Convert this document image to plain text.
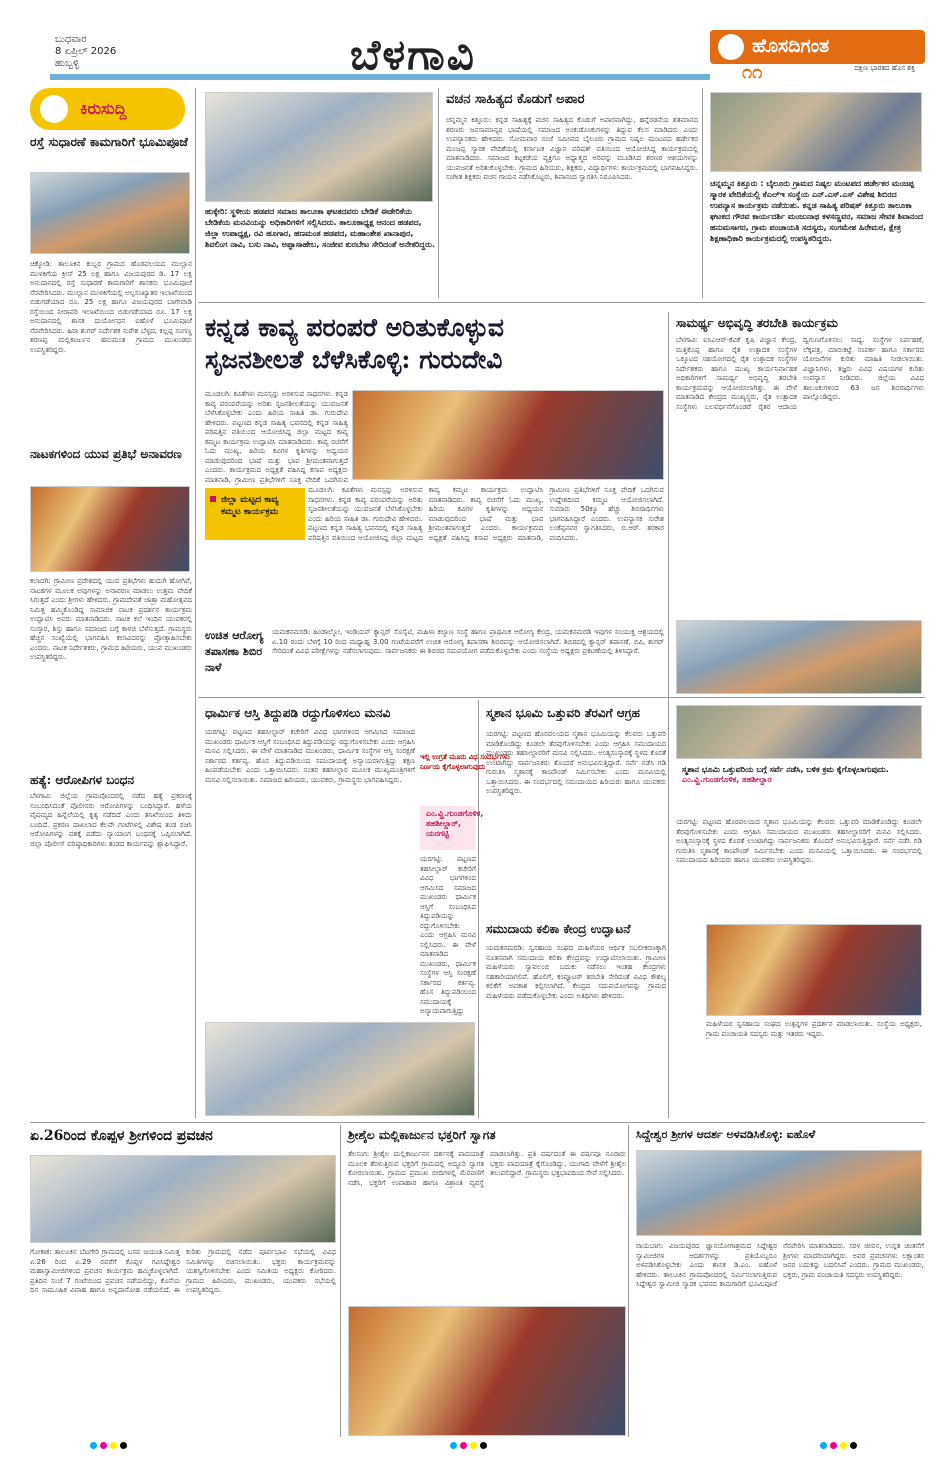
ಬುಧವಾರ
8 ಏಪ್ರಿಲ್ 2026
ಹುಬ್ಬಳ್ಳಿ	ಬೆಳಗಾವಿ	ಹೊಸದಿಗಂತ
ದಕ್ಷಿಣ ಭಾರತದ ಹೊಸ ಶಕ್ತಿ
೧೧
ಕಿರುಸುದ್ದಿ
ರಸ್ತೆ ಸುಧಾರಣೆ ಕಾಮಗಾರಿಗೆ ಭೂಮಿಪೂಜೆ
ಚಿಕ್ಕೋಡಿ: ತಾಲೂಕಿನ ಕುಬ್ಬರ ಗ್ರಾಮದ ಹೊರವಲಯದ ಮುಲ್ಲಾನ ಮುಳಕಿಗೆಯ ಕ್ರೀಸ್ 25 ಲಕ್ಷ ಹಾಗೂ ವಿಜಯಪುರದ ಡಿ. 17 ಲಕ್ಷ ಅನುದಾನದಲ್ಲಿ ರಸ್ತೆ ಸುಧಾರಣೆ ಕಾಮಗಾರಿಗೆ ಶಾಸಕರು ಭೂಮಿಪೂಜೆ ನೆರವೇರಿಸಿದರು. ಮುಲ್ಲಾನ ಮುಳಕಿಗೆಯಲ್ಲಿ ಅಲ್ಪಸಂಖ್ಯಾತರ ಇಲಾಖೆಯಿಂದ ಬಿಡುಗಡೆಯಾದ ರೂ. 25 ಲಕ್ಷ ಹಾಗೂ ವಿಜಯಪುರದ ಬಾಗೇವಾಡಿ ರಸ್ತೆಯಿಂದ ನೀರಾವರಿ ಇಲಾಖೆಯಿಂದ ಬಿಡುಗಡೆಯಾದ ರೂ. 17 ಲಕ್ಷ ಅನುದಾನದಲ್ಲಿ ಶಾಸಕ ದುರ್ಯೋಧನ ಐಹೊಳೆ ಭೂಮಿಪೂಜೆ ನೆರವೇರಿಸಿದರು. ಹಿರಾ ಶುಗರ್ ನಿರ್ದೇಶಕ ಸುರೇಶ ಬೆಳ್ಳದ, ಕಲ್ಲಪ್ಪ ಸಂಗಣ್ಣ ಶರಣಪ್ಪ ಮಲ್ಲಿಕಾರ್ಜುನ ಹನುಮಂತ ಗ್ರಾಮದ ಮುಖಂಡರು ಉಪಸ್ಥಿತರಿದ್ದರು.
ನಾಟಕಗಳಿಂದ ಯುವ ಪ್ರತಿಭೆ ಅನಾವರಣ
ಕಲಾದಗಿ: ಗ್ರಾಮೀಣ ಪ್ರದೇಶದಲ್ಲಿ ಯುವ ಪ್ರತಿಭೆಗಳು ಹುದುಗಿ ಹೋಗಿವೆ, ನಾಟಕಗಳ ಮೂಲಕ ಅವುಗಳನ್ನು ಅನಾವರಣ ಮಾಡಲು ಉತ್ತಮ ವೇದಿಕೆ ಸಿಗುತ್ತದೆ ಎಂದು ಶ್ರೀಗಳು ಹೇಳಿದರು. ಗ್ರಾಮದೇವತೆ ಜಾತ್ರಾ ಮಹೋತ್ಸವದ ನಿಮಿತ್ತ ಹಮ್ಮಿಕೊಂಡಿದ್ದ ಸಾಮಾಜಿಕ ನಾಟಕ ಪ್ರದರ್ಶನ ಕಾರ್ಯಕ್ರಮ ಉದ್ಘಾಟಿಸಿ ಅವರು ಮಾತನಾಡಿದರು. ನಾಟಕ ಕಲೆ ಇಂದಿನ ಯುವಕರಲ್ಲಿ ಸಂಸ್ಕಾರ, ಶಿಸ್ತು ಹಾಗೂ ಸಮಾಜದ ಬಗ್ಗೆ ಕಾಳಜಿ ಬೆಳೆಸುತ್ತದೆ. ಗ್ರಾಮಸ್ಥರು ಹೆಚ್ಚಿನ ಸಂಖ್ಯೆಯಲ್ಲಿ ಭಾಗವಹಿಸಿ ಕಲಾವಿದರನ್ನು ಪ್ರೋತ್ಸಾಹಿಸಬೇಕು ಎಂದರು. ನಾಟಕ ನಿರ್ದೇಶಕರು, ಗ್ರಾಮದ ಹಿರಿಯರು, ಯುವ ಮುಖಂಡರು ಉಪಸ್ಥಿತರಿದ್ದರು.
ಹತ್ಯೆ: ಆರೋಪಿಗಳ ಬಂಧನ
ಬೆಳಗಾವಿ: ಜಿಲ್ಲೆಯ ಗ್ರಾಮವೊಂದರಲ್ಲಿ ನಡೆದ ಹತ್ಯೆ ಪ್ರಕರಣಕ್ಕೆ ಸಂಬಂಧಿಸಿದಂತೆ ಪೊಲೀಸರು ಆರೋಪಿಗಳನ್ನು ಬಂಧಿಸಿದ್ದಾರೆ. ಹಳೆಯ ವೈಷಮ್ಯದ ಹಿನ್ನೆಲೆಯಲ್ಲಿ ಕೃತ್ಯ ನಡೆದಿದೆ ಎಂದು ತನಿಖೆಯಿಂದ ತಿಳಿದು ಬಂದಿದೆ. ಪ್ರಕರಣ ದಾಖಲಾದ ಕೆಲವೇ ಗಂಟೆಗಳಲ್ಲಿ ವಿಶೇಷ ತಂಡ ರಚಿಸಿ ಆರೋಪಿಗಳನ್ನು ವಶಕ್ಕೆ ಪಡೆದು ನ್ಯಾಯಾಂಗ ಬಂಧನಕ್ಕೆ ಒಪ್ಪಿಸಲಾಗಿದೆ. ಜಿಲ್ಲಾ ಪೊಲೀಸ್ ವರಿಷ್ಠಾಧಿಕಾರಿಗಳು ತಂಡದ ಕಾರ್ಯವನ್ನು ಶ್ಲಾಘಿಸಿದ್ದಾರೆ.
ಹುಕ್ಕೇರಿ: ಸ್ಥಳೀಯ ಹಡಪದ ಸಮಾಜ ತಾಲೂಕಾ ಘಟಕದವರು ಬೇಡಿಕೆ ಈಡೇರಿಕೆಯ ಬೇಡಿಕೆಯ ಮನವಿಯನ್ನು ಅಧಿಕಾರಿಗಳಿಗೆ ಸಲ್ಲಿಸಿದರು. ತಾಲೂಕಾಧ್ಯಕ್ಷ ಆನಂದ ಹಡಪದ, ಜಿಲ್ಲಾ ಉಪಾಧ್ಯಕ್ಷ, ರವಿ ಹೂಗಾರ, ಹಣಮಂತ ಹಡಪದ, ಮಹಾಂತೇಶ ಖಾನಾಪುರ, ಶಿವಲಿಂಗ ನಾವಿ, ಬಸು ನಾವಿ, ಅಪ್ಪಾಸಾಹೇಬ, ಸಂಜೀವ ಕುರಬೇಟ ಸೇರಿದಂತೆ ಅನೇಕರಿದ್ದರು.
ವಚನ ಸಾಹಿತ್ಯದ ಕೊಡುಗೆ ಅಪಾರ
ಚನ್ನಮ್ಮನ ಕಿತ್ತೂರು: ಕನ್ನಡ ಸಾಹಿತ್ಯಕ್ಕೆ ವಚನ ಸಾಹಿತ್ಯದ ಕೊಡುಗೆ ಅಪಾರವಾಗಿದ್ದು, ಹನ್ನೆರಡನೆಯ ಶತಮಾನದ ಶರಣರು ಜನಸಾಮಾನ್ಯರ ಭಾಷೆಯಲ್ಲಿ ಸಮಾಜದ ಅಂಕುಡೊಂಕುಗಳನ್ನು ತಿದ್ದುವ ಕೆಲಸ ಮಾಡಿದರು ಎಂದು ಉಪನ್ಯಾಸಕರು ಹೇಳಿದರು. ಸೋಮವಾರ ಸಂಜೆ ಸಮೀಪದ ಬೈಲೂರು ಗ್ರಾಮದ ನಿಷ್ಕಲ ಮಂಟಪದ ಹರ್ಡೇಕರ ಮಂಜಪ್ಪ ಸ್ಮಾರಕ ವೇದಿಕೆಯಲ್ಲಿ ಕರ್ನಾಟಕ ವಿಜ್ಞಾನ ಪರಿಷತ್ ವತಿಯಿಂದ ಆಯೋಜಿಸಿದ್ದ ಕಾರ್ಯಕ್ರಮದಲ್ಲಿ ಮಾತನಾಡಿದರು. ಸಮಾಜದ ಕಟ್ಟಕಡೆಯ ವ್ಯಕ್ತಿಗೂ ಅಧ್ಯಾತ್ಮದ ಅರಿವನ್ನು ಮೂಡಿಸಿದ ಶರಣರ ಆಶಯಗಳನ್ನು ಯುವಜನತೆ ಅರಿತುಕೊಳ್ಳಬೇಕು. ಗ್ರಾಮದ ಹಿರಿಯರು, ಶಿಕ್ಷಕರು, ವಿದ್ಯಾರ್ಥಿಗಳು ಕಾರ್ಯಕ್ರಮದಲ್ಲಿ ಭಾಗವಹಿಸಿದ್ದರು. ಸಂಗೀತ ಶಿಕ್ಷಕರು ವಚನ ಗಾಯನ ನಡೆಸಿಕೊಟ್ಟರು, ಶಿವಾನಂದ ಸ್ವಾಗತಿಸಿ ನಿರೂಪಿಸಿದರು.
ಚನ್ನಮ್ಮನ ಕಿತ್ತೂರು : ಬೈಲೂರು ಗ್ರಾಮದ ನಿಷ್ಕಲ ಮಂಟಪದ ಹರ್ಡೇಕರ ಮಂಜಪ್ಪ ಸ್ಮಾರಕ ವೇದಿಕೆಯಲ್ಲಿ ಕೆಎಲ್‌ಇ ಸಂಸ್ಥೆಯ ಎನ್.ಎಸ್.ಎಸ್ ವಿಶೇಷ ಶಿಬಿರದ ಉಪನ್ಯಾಸ ಕಾರ್ಯಕ್ರಮ ನಡೆಯಿತು. ಕನ್ನಡ ಸಾಹಿತ್ಯ ಪರಿಷತ್ ಕಿತ್ತೂರು ತಾಲೂಕಾ ಘಟಕದ ಗೌರವ ಕಾರ್ಯದರ್ಶಿ ಮಂಜುನಾಥ ಕಳಸಣ್ಣವರ, ಸಮಾಜ ಸೇವಕ ಶಿವಾನಂದ ಹನುಮಸಾಗರ, ಗ್ರಾಮ ಪಂಚಾಯತಿ ಸದಸ್ಯರು, ಸಂಗಮೇಶ ಹಿರೇಮಠ, ಕ್ಷೇತ್ರ ಶಿಕ್ಷಣಾಧಿಕಾರಿ ಕಾರ್ಯಕ್ರಮದಲ್ಲಿ ಉಪಸ್ಥಿತರಿದ್ದರು.
ಕನ್ನಡ ಕಾವ್ಯ ಪರಂಪರೆ ಅರಿತುಕೊಳ್ಳುವ
ಸೃಜನಶೀಲತೆ ಬೆಳೆಸಿಕೊಳ್ಳಿ: ಗುರುದೇವಿ
ಮೂಡಲಗಿ: ಕವಿತೆಗಳು ಮನಸ್ಸನ್ನು ಅರಳಿಸುವ ಸಾಧನಗಳು. ಕನ್ನಡ ಕಾವ್ಯ ಪರಂಪರೆಯನ್ನು ಅರಿತು ಸೃಜನಶೀಲತೆಯನ್ನು ಯುವಜನತೆ ಬೆಳೆಸಿಕೊಳ್ಳಬೇಕು ಎಂದು ಹಿರಿಯ ಸಾಹಿತಿ ಡಾ. ಗುರುದೇವಿ ಹೇಳಿದರು. ಪಟ್ಟಣದ ಕನ್ನಡ ಸಾಹಿತ್ಯ ಭವನದಲ್ಲಿ ಕನ್ನಡ ಸಾಹಿತ್ಯ ಪರಿಷತ್ತಿನ ವತಿಯಿಂದ ಆಯೋಜಿಸಿದ್ದ ಜಿಲ್ಲಾ ಮಟ್ಟದ ಕಾವ್ಯ ಕಮ್ಮಟ ಕಾರ್ಯಕ್ರಮ ಉದ್ಘಾಟಿಸಿ ಮಾತನಾಡಿದರು. ಕಾವ್ಯ ರಚನೆಗೆ ಓದು ಮುಖ್ಯ, ಹಿರಿಯ ಕವಿಗಳ ಕೃತಿಗಳನ್ನು ಅಧ್ಯಯನ ಮಾಡುವುದರಿಂದ ಭಾಷೆ ಮತ್ತು ಭಾವ ಶ್ರೀಮಂತವಾಗುತ್ತದೆ ಎಂದರು. ಕಾರ್ಯಕ್ರಮದ ಅಧ್ಯಕ್ಷತೆ ವಹಿಸಿದ್ದ ಕಸಾಪ ಅಧ್ಯಕ್ಷರು ಮಾತನಾಡಿ, ಗ್ರಾಮೀಣ ಪ್ರತಿಭೆಗಳಿಗೆ ಸೂಕ್ತ ವೇದಿಕೆ ಒದಗಿಸುವ
ಜಿಲ್ಲಾ ಮಟ್ಟದ ಕಾವ್ಯ ಕಮ್ಮಟ ಕಾರ್ಯಕ್ರಮ
ಮೂಡಲಗಿ: ಕವಿತೆಗಳು ಮನಸ್ಸನ್ನು ಅರಳಿಸುವ ಸಾಧನಗಳು. ಕನ್ನಡ ಕಾವ್ಯ ಪರಂಪರೆಯನ್ನು ಅರಿತು ಸೃಜನಶೀಲತೆಯನ್ನು ಯುವಜನತೆ ಬೆಳೆಸಿಕೊಳ್ಳಬೇಕು ಎಂದು ಹಿರಿಯ ಸಾಹಿತಿ ಡಾ. ಗುರುದೇವಿ ಹೇಳಿದರು. ಪಟ್ಟಣದ ಕನ್ನಡ ಸಾಹಿತ್ಯ ಭವನದಲ್ಲಿ ಕನ್ನಡ ಸಾಹಿತ್ಯ ಪರಿಷತ್ತಿನ ವತಿಯಿಂದ ಆಯೋಜಿಸಿದ್ದ ಜಿಲ್ಲಾ ಮಟ್ಟದ ಕಾವ್ಯ ಕಮ್ಮಟ ಕಾರ್ಯಕ್ರಮ ಉದ್ಘಾಟಿಸಿ ಮಾತನಾಡಿದರು. ಕಾವ್ಯ ರಚನೆಗೆ ಓದು ಮುಖ್ಯ, ಹಿರಿಯ ಕವಿಗಳ ಕೃತಿಗಳನ್ನು ಅಧ್ಯಯನ ಮಾಡುವುದರಿಂದ ಭಾಷೆ ಮತ್ತು ಭಾವ ಶ್ರೀಮಂತವಾಗುತ್ತದೆ ಎಂದರು. ಕಾರ್ಯಕ್ರಮದ ಅಧ್ಯಕ್ಷತೆ ವಹಿಸಿದ್ದ ಕಸಾಪ ಅಧ್ಯಕ್ಷರು ಮಾತನಾಡಿ, ಗ್ರಾಮೀಣ ಪ್ರತಿಭೆಗಳಿಗೆ ಸೂಕ್ತ ವೇದಿಕೆ ಒದಗಿಸುವ ಉದ್ದೇಶದಿಂದ ಕಮ್ಮಟ ಆಯೋಜಿಸಲಾಗಿದೆ. ಸುಮಾರು 50ಕ್ಕೂ ಹೆಚ್ಚು ಶಿಬಿರಾರ್ಥಿಗಳು ಭಾಗವಹಿಸಿದ್ದಾರೆ ಎಂದರು. ಉಪನ್ಯಾಸಕ ಸುರೇಶ ಲಂಕೆಪ್ಪನವರ ಸ್ವಾಗತಿಸಿದರು, ಬಿ.ಆರ್. ತರಕಾರ ವಂದಿಸಿದರು.
ಉಚಿತ ಆರೋಗ್ಯ ತಪಾಸಣಾ ಶಿಬಿರ ನಾಳೆ
ಯಮಕನಮರಡಿ: ಹಿಂಡಾಲ್ಕೋ, ಇಂಡಿಯನ್ ಕ್ಯಾನ್ಸರ್ ಸೊಸೈಟಿ, ಮಹಿಳಾ ಕಲ್ಯಾಣ ಸಂಸ್ಥೆ ಹಾಗೂ ಪ್ರಾಥಮಿಕ ಆರೋಗ್ಯ ಕೇಂದ್ರ, ಯಮಕನಮರಡಿ ಇವುಗಳ ಸಂಯುಕ್ತ ಆಶ್ರಯದಲ್ಲಿ ಏ.10 ರಂದು ಬೆಳಗ್ಗೆ 10 ರಿಂದ ಮಧ್ಯಾಹ್ನ 3.00 ಗಂಟೆಯವರೆಗೆ ಉಚಿತ ಆರೋಗ್ಯ ತಪಾಸಣಾ ಶಿಬಿರವನ್ನು ಆಯೋಜಿಸಲಾಗಿದೆ. ಶಿಬಿರದಲ್ಲಿ ಕ್ಯಾನ್ಸರ್ ತಪಾಸಣೆ, ಬಿಪಿ, ಶುಗರ್ ಸೇರಿದಂತೆ ವಿವಿಧ ಪರೀಕ್ಷೆಗಳನ್ನು ನಡೆಸಲಾಗುವುದು. ಸಾರ್ವಜನಿಕರು ಈ ಶಿಬಿರದ ಸದುಪಯೋಗ ಪಡೆದುಕೊಳ್ಳಬೇಕು ಎಂದು ಸಂಸ್ಥೆಯ ಅಧ್ಯಕ್ಷರು ಪ್ರಕಟಣೆಯಲ್ಲಿ ತಿಳಿಸಿದ್ದಾರೆ.
ಸಾಮರ್ಥ್ಯ ಅಭಿವೃದ್ಧಿ ತರಬೇತಿ ಕಾರ್ಯಕ್ರಮ
ಬೆಳಗಾವಿ: ಐಸಿಎಆರ್-ಕೆವಿಕೆ ಕೃಷಿ ವಿಜ್ಞಾನ ಕೇಂದ್ರ, ಮತ್ತಿಕೊಪ್ಪ ಹಾಗೂ ರೈತ ಉತ್ಪಾದಕ ಸಂಸ್ಥೆಗಳ ಒಕ್ಕೂಟದ ಸಹಯೋಗದಲ್ಲಿ ರೈತ ಉತ್ಪಾದಕ ಸಂಸ್ಥೆಗಳ ನಿರ್ದೇಶಕರು ಹಾಗೂ ಮುಖ್ಯ ಕಾರ್ಯನಿರ್ವಾಹಕ ಅಧಿಕಾರಿಗಳಿಗೆ ಸಾಮರ್ಥ್ಯ ಅಭಿವೃದ್ಧಿ ತರಬೇತಿ ಕಾರ್ಯಕ್ರಮವನ್ನು ಆಯೋಜಿಸಲಾಗಿತ್ತು. ಈ ವೇಳೆ ಮಾತನಾಡಿದ ಕೇಂದ್ರದ ಮುಖ್ಯಸ್ಥರು, ರೈತ ಉತ್ಪಾದಕ ಸಂಸ್ಥೆಗಳು ಬಲವರ್ಧನೆಗೊಂಡರೆ ರೈತರ ಆದಾಯ ದ್ವಿಗುಣಗೊಳಿಸಲು ಸಾಧ್ಯ. ಸಂಸ್ಥೆಗಳ ನಿರ್ವಹಣೆ, ಲೆಕ್ಕಪತ್ರ, ಮಾರುಕಟ್ಟೆ ಸಂಪರ್ಕ ಹಾಗೂ ಸರ್ಕಾರದ ಯೋಜನೆಗಳ ಕುರಿತು ಮಾಹಿತಿ ನೀಡಲಾಯಿತು. ವಿಜ್ಞಾನಿಗಳು, ತಜ್ಞರು ವಿವಿಧ ವಿಷಯಗಳ ಕುರಿತು ಉಪನ್ಯಾಸ ನೀಡಿದರು. ಜಿಲ್ಲೆಯ ವಿವಿಧ ತಾಲೂಕುಗಳಿಂದ 63 ಜನ ಶಿಬಿರಾರ್ಥಿಗಳು ಪಾಲ್ಗೊಂಡಿದ್ದರು.
ಧಾರ್ಮಿಕ ಆಸ್ತಿ ತಿದ್ದುಪಡಿ ರದ್ದುಗೊಳಿಸಲು ಮನವಿ
ಯರಗಟ್ಟಿ: ಪಟ್ಟಣದ ತಹಸೀಲ್ದಾರ್ ಕಚೇರಿಗೆ ವಿವಿಧ ಭಾಗಗಳಿಂದ ಆಗಮಿಸಿದ ಸಮಾಜದ ಮುಖಂಡರು ಧಾರ್ಮಿಕ ಆಸ್ತಿಗೆ ಸಂಬಂಧಿಸಿದ ತಿದ್ದುಪಡಿಯನ್ನು ರದ್ದುಗೊಳಿಸಬೇಕು ಎಂದು ಆಗ್ರಹಿಸಿ ಮನವಿ ಸಲ್ಲಿಸಿದರು. ಈ ವೇಳೆ ಮಾತನಾಡಿದ ಮುಖಂಡರು, ಧಾರ್ಮಿಕ ಸಂಸ್ಥೆಗಳ ಆಸ್ತಿ ಸಂರಕ್ಷಣೆ ಸರ್ಕಾರದ ಕರ್ತವ್ಯ. ಹೊಸ ತಿದ್ದುಪಡಿಯಿಂದ ಸಮುದಾಯಕ್ಕೆ ಅನ್ಯಾಯವಾಗುತ್ತಿದ್ದು ತಕ್ಷಣ ಹಿಂಪಡೆಯಬೇಕು ಎಂದು ಒತ್ತಾಯಿಸಿದರು. ನಂತರ ತಹಸೀಲ್ದಾರ ಮೂಲಕ ಮುಖ್ಯಮಂತ್ರಿಗಳಿಗೆ ಮನವಿ ಸಲ್ಲಿಸಲಾಯಿತು. ಸಮಾಜದ ಹಿರಿಯರು, ಯುವಕರು, ಗ್ರಾಮಸ್ಥರು ಭಾಗವಹಿಸಿದ್ದರು.
ಇಲ್ಲಿ ಉಗ್ರತೆ ಮೂರು ವಿಧ ಸಂದರ್ಭಗಳು
ನಿರ್ಣಯ ಕೈಗೊಳ್ಳಲಾಗುವುದು
ಎಂ.ವ್ಹಿ.ಗುಂಡಗೊಳಿಕ, ತಹಶೀಲ್ದಾರ್, ಯರಗಟ್ಟಿ
ಯರಗಟ್ಟಿ: ಪಟ್ಟಣದ ತಹಸೀಲ್ದಾರ್ ಕಚೇರಿಗೆ ವಿವಿಧ ಭಾಗಗಳಿಂದ ಆಗಮಿಸಿದ ಸಮಾಜದ ಮುಖಂಡರು ಧಾರ್ಮಿಕ ಆಸ್ತಿಗೆ ಸಂಬಂಧಿಸಿದ ತಿದ್ದುಪಡಿಯನ್ನು ರದ್ದುಗೊಳಿಸಬೇಕು ಎಂದು ಆಗ್ರಹಿಸಿ ಮನವಿ ಸಲ್ಲಿಸಿದರು. ಈ ವೇಳೆ ಮಾತನಾಡಿದ ಮುಖಂಡರು, ಧಾರ್ಮಿಕ ಸಂಸ್ಥೆಗಳ ಆಸ್ತಿ ಸಂರಕ್ಷಣೆ ಸರ್ಕಾರದ ಕರ್ತವ್ಯ. ಹೊಸ ತಿದ್ದುಪಡಿಯಿಂದ ಸಮುದಾಯಕ್ಕೆ ಅನ್ಯಾಯವಾಗುತ್ತಿದ್ದು
ಸ್ಮಶಾನ ಭೂಮಿ ಒತ್ತುವರಿ ತೆರವಿಗೆ ಆಗ್ರಹ
ಯರಗಟ್ಟಿ: ಪಟ್ಟಣದ ಹೊರವಲಯದ ಸ್ಮಶಾನ ಭೂಮಿಯನ್ನು ಕೆಲವರು ಒತ್ತುವರಿ ಮಾಡಿಕೊಂಡಿದ್ದು ಕೂಡಲೇ ತೆರವುಗೊಳಿಸಬೇಕು ಎಂದು ಆಗ್ರಹಿಸಿ ಸಮುದಾಯದ ಮುಖಂಡರು ತಹಸೀಲ್ದಾರರಿಗೆ ಮನವಿ ಸಲ್ಲಿಸಿದರು. ಅಂತ್ಯಸಂಸ್ಕಾರಕ್ಕೆ ಸ್ಥಳದ ಕೊರತೆ ಉಂಟಾಗಿದ್ದು ಸಾರ್ವಜನಿಕರು ತೊಂದರೆ ಅನುಭವಿಸುತ್ತಿದ್ದಾರೆ. ಸರ್ವೆ ನಡೆಸಿ ಗಡಿ ಗುರುತಿಸಿ ಸ್ಮಶಾನಕ್ಕೆ ಕಾಂಪೌಂಡ್ ನಿರ್ಮಿಸಬೇಕು ಎಂದು ಮನವಿಯಲ್ಲಿ ಒತ್ತಾಯಿಸಿದರು. ಈ ಸಂದರ್ಭದಲ್ಲಿ ಸಮುದಾಯದ ಹಿರಿಯರು ಹಾಗೂ ಯುವಕರು ಉಪಸ್ಥಿತರಿದ್ದರು.
ಸ್ಮಶಾನ ಭೂಮಿ ಒತ್ತುವರಿಯ ಬಗ್ಗೆ ಸರ್ವೆ ನಡೆಸಿ, ಬಳಿಕ ಕ್ರಮ ಕೈಗೊಳ್ಳಲಾಗುವುದು.
ಎಂ.ವ್ಹಿ.ಗುಂಡಗೊಳಿಕ, ತಹಶೀಲ್ದಾರ
ಯರಗಟ್ಟಿ: ಪಟ್ಟಣದ ಹೊರವಲಯದ ಸ್ಮಶಾನ ಭೂಮಿಯನ್ನು ಕೆಲವರು ಒತ್ತುವರಿ ಮಾಡಿಕೊಂಡಿದ್ದು ಕೂಡಲೇ ತೆರವುಗೊಳಿಸಬೇಕು ಎಂದು ಆಗ್ರಹಿಸಿ ಸಮುದಾಯದ ಮುಖಂಡರು ತಹಸೀಲ್ದಾರರಿಗೆ ಮನವಿ ಸಲ್ಲಿಸಿದರು. ಅಂತ್ಯಸಂಸ್ಕಾರಕ್ಕೆ ಸ್ಥಳದ ಕೊರತೆ ಉಂಟಾಗಿದ್ದು ಸಾರ್ವಜನಿಕರು ತೊಂದರೆ ಅನುಭವಿಸುತ್ತಿದ್ದಾರೆ. ಸರ್ವೆ ನಡೆಸಿ ಗಡಿ ಗುರುತಿಸಿ ಸ್ಮಶಾನಕ್ಕೆ ಕಾಂಪೌಂಡ್ ನಿರ್ಮಿಸಬೇಕು ಎಂದು ಮನವಿಯಲ್ಲಿ ಒತ್ತಾಯಿಸಿದರು. ಈ ಸಂದರ್ಭದಲ್ಲಿ ಸಮುದಾಯದ ಹಿರಿಯರು ಹಾಗೂ ಯುವಕರು ಉಪಸ್ಥಿತರಿದ್ದರು.
ಸಮುದಾಯ ಕಲಿಕಾ ಕೇಂದ್ರ ಉದ್ಘಾಟನೆ
ಯಮಕನಮರಡಿ: ಸ್ವಸಹಾಯ ಸಂಘದ ಮಹಿಳೆಯರ ಆರ್ಥಿಕ ಸಬಲೀಕರಣಕ್ಕಾಗಿ ನೂತನವಾಗಿ ಸಮುದಾಯ ಕಲಿಕಾ ಕೇಂದ್ರವನ್ನು ಉದ್ಘಾಟಿಸಲಾಯಿತು. ಗ್ರಾಮೀಣ ಮಹಿಳೆಯರು ಸ್ವಾವಲಂಬಿ ಬದುಕು ನಡೆಸಲು ಇಂತಹ ಕೇಂದ್ರಗಳು ಸಹಕಾರಿಯಾಗಲಿವೆ. ಹೊಲಿಗೆ, ಕಂಪ್ಯೂಟರ್ ತರಬೇತಿ ಸೇರಿದಂತೆ ವಿವಿಧ ಕೌಶಲ್ಯ ಕಲಿಕೆಗೆ ಅವಕಾಶ ಕಲ್ಪಿಸಲಾಗಿದೆ. ಕೇಂದ್ರದ ಸದುಪಯೋಗವನ್ನು ಗ್ರಾಮದ ಮಹಿಳೆಯರು ಪಡೆದುಕೊಳ್ಳಬೇಕು ಎಂದು ಅತಿಥಿಗಳು ಹೇಳಿದರು.
ಮಹಿಳೆಯರ ಸ್ವಸಹಾಯ ಸಂಘದ ಉತ್ಪನ್ನಗಳ ಪ್ರದರ್ಶನ ಮಾಡಲಾಯಿತು. ಸಂಸ್ಥೆಯ ಅಧ್ಯಕ್ಷರು, ಗ್ರಾಮ ಪಂಚಾಯತಿ ಸದಸ್ಯರು ಮತ್ತು ಇತರರು ಇದ್ದರು.
ಏ.26ರಿಂದ ಕೊಪ್ಪಳ ಶ್ರೀಗಳಿಂದ ಪ್ರವಚನ
ಗೋಕಾಕ: ತಾಲೂಕಿನ ಬೆಟಗೇರಿ ಗ್ರಾಮದಲ್ಲಿ ಬಸವ ಜಯಂತಿ ನಿಮಿತ್ತ ಏ.26 ರಿಂದ ಏ.29 ರವರೆಗೆ ಕೊಪ್ಪಳ ಗವಿಸಿದ್ದೇಶ್ವರ ಮಹಾಸ್ವಾಮೀಜಿಗಳಿಂದ ಪ್ರವಚನ ಕಾರ್ಯಕ್ರಮ ಹಮ್ಮಿಕೊಳ್ಳಲಾಗಿದೆ. ಪ್ರತಿದಿನ ಸಂಜೆ 7 ಗಂಟೆಯಿಂದ ಪ್ರವಚನ ನಡೆಯಲಿದ್ದು, ಕೊನೆಯ ದಿನ ಸಾಮೂಹಿಕ ವಿವಾಹ ಹಾಗೂ ಅನ್ನದಾಸೋಹ ನಡೆಯಲಿದೆ. ಈ ಕುರಿತು ಗ್ರಾಮದಲ್ಲಿ ನಡೆದ ಪೂರ್ವಭಾವಿ ಸಭೆಯಲ್ಲಿ ವಿವಿಧ ಸಮಿತಿಗಳನ್ನು ರಚಿಸಲಾಯಿತು. ಭಕ್ತರು ಕಾರ್ಯಕ್ರಮವನ್ನು ಯಶಸ್ವಿಗೊಳಿಸಬೇಕು ಎಂದು ಸಮಿತಿಯ ಅಧ್ಯಕ್ಷರು ಕೋರಿದರು. ಗ್ರಾಮದ ಹಿರಿಯರು, ಮುಖಂಡರು, ಯುವಕರು ಸಭೆಯಲ್ಲಿ ಉಪಸ್ಥಿತರಿದ್ದರು.
ಶ್ರೀಶೈಲ ಮಲ್ಲಿಕಾರ್ಜುನ ಭಕ್ತರಿಗೆ ಸ್ವಾಗತ
ತೆಲಸಂಗ: ಶ್ರೀಶೈಲ ಮಲ್ಲಿಕಾರ್ಜುನನ ದರ್ಶನಕ್ಕೆ ಪಾದಯಾತ್ರೆ ಮೂಲಕ ತೆರಳುತ್ತಿರುವ ಭಕ್ತರಿಗೆ ಗ್ರಾಮದಲ್ಲಿ ಅದ್ದೂರಿ ಸ್ವಾಗತ ಕೋರಲಾಯಿತು. ಗ್ರಾಮದ ಪ್ರಮುಖ ಬೀದಿಗಳಲ್ಲಿ ಮೆರವಣಿಗೆ ನಡೆಸಿ, ಭಕ್ತರಿಗೆ ಉಪಾಹಾರ ಹಾಗೂ ವಿಶ್ರಾಂತಿ ವ್ಯವಸ್ಥೆ ಮಾಡಲಾಗಿತ್ತು. ಪ್ರತಿ ವರ್ಷದಂತೆ ಈ ವರ್ಷವೂ ನೂರಾರು ಭಕ್ತರು ಪಾದಯಾತ್ರೆ ಕೈಗೊಂಡಿದ್ದು, ಯುಗಾದಿ ವೇಳೆಗೆ ಶ್ರೀಶೈಲ ತಲುಪಲಿದ್ದಾರೆ. ಗ್ರಾಮಸ್ಥರು ಭಕ್ತಿಭಾವದಿಂದ ಸೇವೆ ಸಲ್ಲಿಸಿದರು.
ಸಿದ್ದೇಶ್ವರ ಶ್ರೀಗಳ ಆದರ್ಶ ಅಳವಡಿಸಿಕೊಳ್ಳಿ: ಐಹೊಳೆ
ರಾಯಬಾಗ: ವಿಜಯಪುರದ ಜ್ಞಾನಯೋಗಾಶ್ರಮದ ಸಿದ್ದೇಶ್ವರ ಸ್ವಾಮೀಜಿಗಳ ಆದರ್ಶಗಳನ್ನು ಪ್ರತಿಯೊಬ್ಬರೂ ಅಳವಡಿಸಿಕೊಳ್ಳಬೇಕು ಎಂದು ಶಾಸಕ ಡಿ.ಎಂ. ಐಹೊಳೆ ಹೇಳಿದರು. ತಾಲೂಕಿನ ಗ್ರಾಮವೊಂದರಲ್ಲಿ ನಿರ್ಮಿಸಲಾಗುತ್ತಿರುವ ಸಿದ್ದೇಶ್ವರ ಸ್ವಾಮೀಜಿ ಸ್ಮಾರಕ ಭವನದ ಕಾಮಗಾರಿಗೆ ಭೂಮಿಪೂಜೆ ನೆರವೇರಿಸಿ ಮಾತನಾಡಿದರು. ಸರಳ ಜೀವನ, ಉನ್ನತ ಚಿಂತನೆಗೆ ಶ್ರೀಗಳು ಮಾದರಿಯಾಗಿದ್ದರು. ಅವರ ಪ್ರವಚನಗಳು ಲಕ್ಷಾಂತರ ಜನರ ಬದುಕನ್ನು ಬದಲಿಸಿವೆ ಎಂದರು. ಗ್ರಾಮದ ಮುಖಂಡರು, ಭಕ್ತರು, ಗ್ರಾಮ ಪಂಚಾಯತಿ ಸದಸ್ಯರು ಉಪಸ್ಥಿತರಿದ್ದರು.
